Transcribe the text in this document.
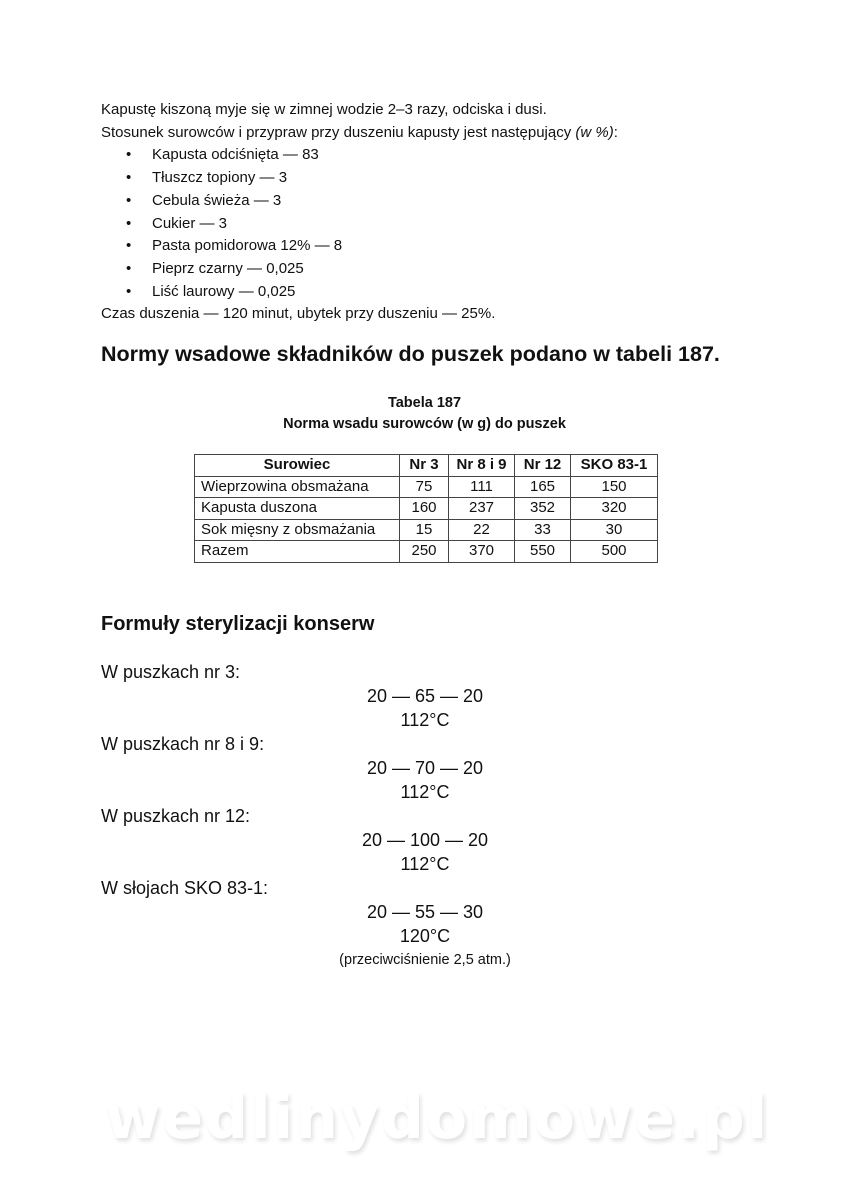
Kapustę kiszoną myje się w zimnej wodzie 2–3 razy, odciska i dusi.
Stosunek surowców i przypraw przy duszeniu kapusty jest następujący (w %):
• Kapusta odciśnięta — 83
• Tłuszcz topiony — 3
• Cebula świeża — 3
• Cukier — 3
• Pasta pomidorowa 12% — 8
• Pieprz czarny — 0,025
• Liść laurowy — 0,025
Czas duszenia — 120 minut, ubytek przy duszeniu — 25%.
Normy wsadowe składników do puszek podano w tabeli 187.
Tabela 187
Norma wsadu surowców (w g) do puszek
Surowiec	Nr 3	Nr 8 i 9	Nr 12	SKO 83-1
Wieprzowina obsmażana	75	111	165	150
Kapusta duszona	160	237	352	320
Sok mięsny z obsmażania	15	22	33	30
Razem	250	370	550	500
Formuły sterylizacji konserw
W puszkach nr 3:
20 — 65 — 20
112°C
W puszkach nr 8 i 9:
20 — 70 — 20
112°C
W puszkach nr 12:
20 — 100 — 20
112°C
W słojach SKO 83-1:
20 — 55 — 30
120°C
(przeciwciśnienie 2,5 atm.)
wedlinydomowe.pl
